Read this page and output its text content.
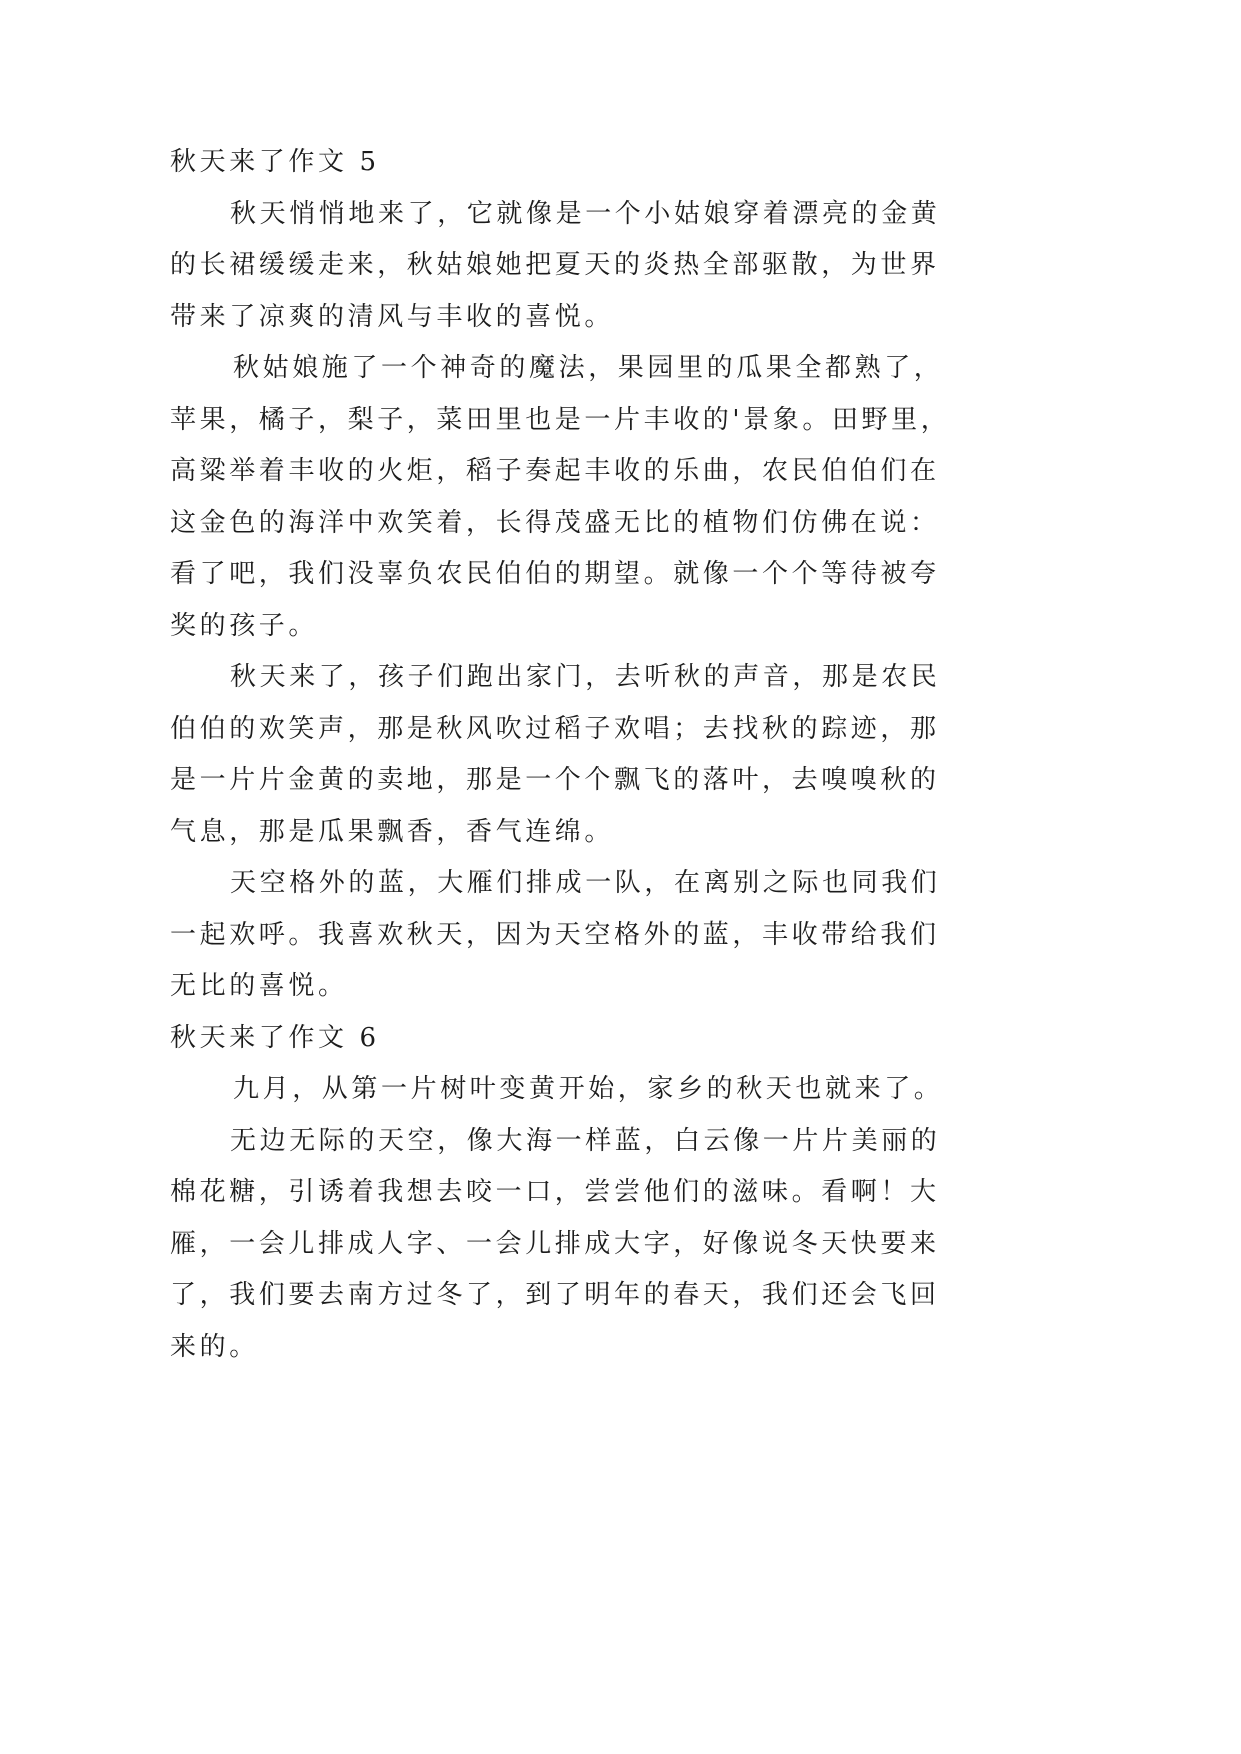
秋天来了作文 5
秋天悄悄地来了，它就像是一个小姑娘穿着漂亮的金黄
的长裙缓缓走来，秋姑娘她把夏天的炎热全部驱散，为世界
带来了凉爽的清风与丰收的喜悦。
秋姑娘施了一个神奇的魔法，果园里的瓜果全都熟了，
苹果，橘子，梨子，菜田里也是一片丰收的'景象。田野里，
高粱举着丰收的火炬，稻子奏起丰收的乐曲，农民伯伯们在
这金色的海洋中欢笑着，长得茂盛无比的植物们仿佛在说：
看了吧，我们没辜负农民伯伯的期望。就像一个个等待被夸
奖的孩子。
秋天来了，孩子们跑出家门，去听秋的声音，那是农民
伯伯的欢笑声，那是秋风吹过稻子欢唱；去找秋的踪迹，那
是一片片金黄的卖地，那是一个个飘飞的落叶，去嗅嗅秋的
气息，那是瓜果飘香，香气连绵。
天空格外的蓝，大雁们排成一队，在离别之际也同我们
一起欢呼。我喜欢秋天，因为天空格外的蓝，丰收带给我们
无比的喜悦。
秋天来了作文 6
九月，从第一片树叶变黄开始，家乡的秋天也就来了。
无边无际的天空，像大海一样蓝，白云像一片片美丽的
棉花糖，引诱着我想去咬一口，尝尝他们的滋味。看啊！大
雁，一会儿排成人字、一会儿排成大字，好像说冬天快要来
了，我们要去南方过冬了，到了明年的春天，我们还会飞回
来的。
